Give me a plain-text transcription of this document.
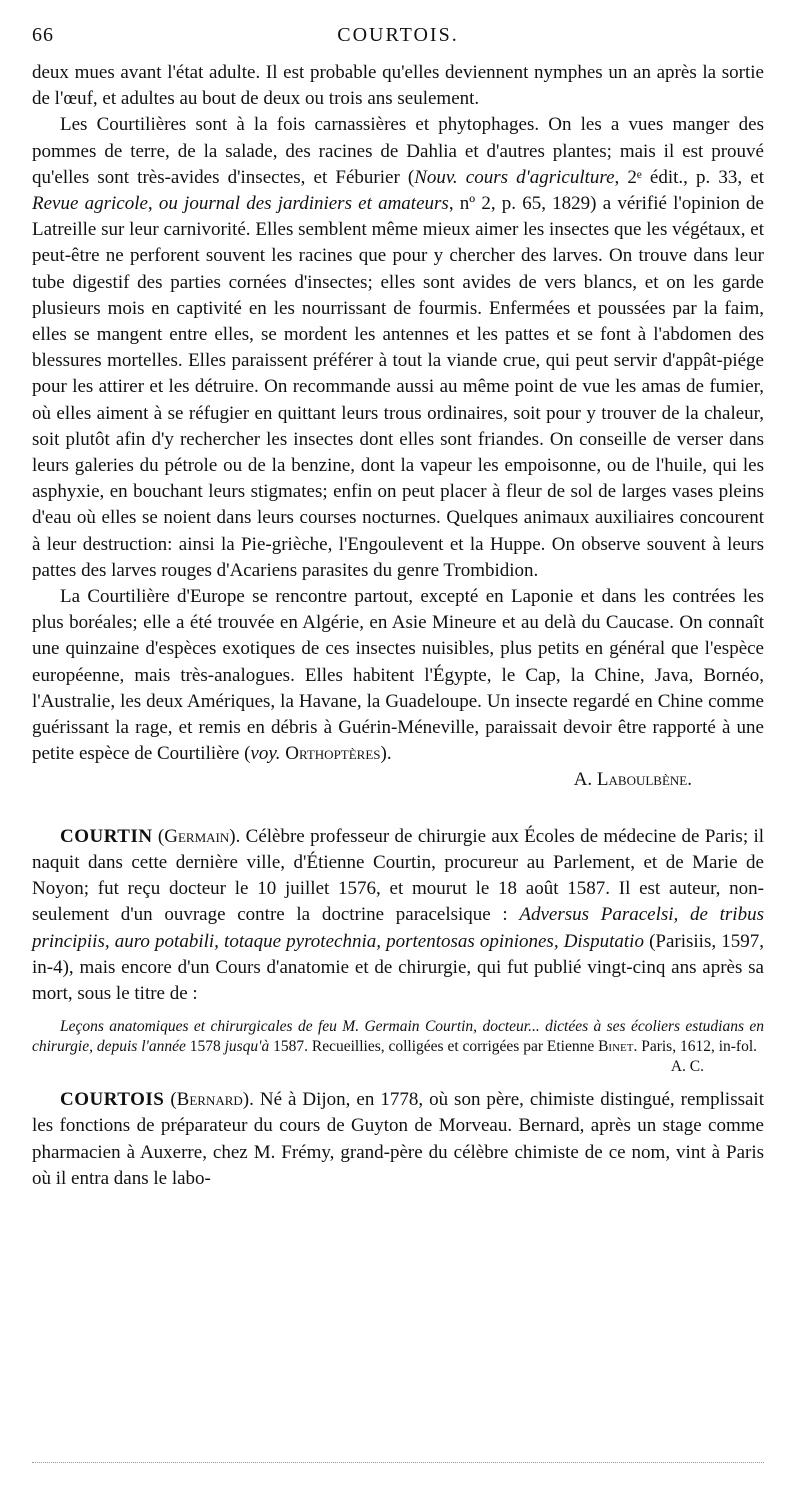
66	COURTOIS.

deux mues avant l'état adulte. Il est probable qu'elles deviennent nymphes un an après la sortie de l'œuf, et adultes au bout de deux ou trois ans seulement.

Les Courtilières sont à la fois carnassières et phytophages. On les a vues manger des pommes de terre, de la salade, des racines de Dahlia et d'autres plantes; mais il est prouvé qu'elles sont très-avides d'insectes, et Féburier (Nouv. cours d'agriculture, 2ᵉ édit., p. 33, et Revue agricole, ou journal des jardiniers et amateurs, nº 2, p. 65, 1829) a vérifié l'opinion de Latreille sur leur carnivorité. Elles semblent même mieux aimer les insectes que les végétaux, et peut-être ne perforent souvent les racines que pour y chercher des larves. On trouve dans leur tube digestif des parties cornées d'insectes; elles sont avides de vers blancs, et on les garde plusieurs mois en captivité en les nourrissant de fourmis. Enfermées et poussées par la faim, elles se mangent entre elles, se mordent les antennes et les pattes et se font à l'abdomen des blessures mortelles. Elles paraissent préférer à tout la viande crue, qui peut servir d'appât-piége pour les attirer et les détruire. On recommande aussi au même point de vue les amas de fumier, où elles aiment à se réfugier en quittant leurs trous ordinaires, soit pour y trouver de la chaleur, soit plutôt afin d'y rechercher les insectes dont elles sont friandes. On conseille de verser dans leurs galeries du pétrole ou de la benzine, dont la vapeur les empoisonne, ou de l'huile, qui les asphyxie, en bouchant leurs stigmates; enfin on peut placer à fleur de sol de larges vases pleins d'eau où elles se noient dans leurs courses nocturnes. Quelques animaux auxiliaires concourent à leur destruction: ainsi la Pie-grièche, l'Engoulevent et la Huppe. On observe souvent à leurs pattes des larves rouges d'Acariens parasites du genre Trombidion.

La Courtilière d'Europe se rencontre partout, excepté en Laponie et dans les contrées les plus boréales; elle a été trouvée en Algérie, en Asie Mineure et au delà du Caucase. On connaît une quinzaine d'espèces exotiques de ces insectes nuisibles, plus petits en général que l'espèce européenne, mais très-analogues. Elles habitent l'Égypte, le Cap, la Chine, Java, Bornéo, l'Australie, les deux Amériques, la Havane, la Guadeloupe. Un insecte regardé en Chine comme guérissant la rage, et remis en débris à Guérin-Méneville, paraissait devoir être rapporté à une petite espèce de Courtilière (voy. Orthoptères).

A. Laboulbène.

COURTIN (Germain). Célèbre professeur de chirurgie aux Écoles de médecine de Paris; il naquit dans cette dernière ville, d'Étienne Courtin, procureur au Parlement, et de Marie de Noyon; fut reçu docteur le 10 juillet 1576, et mourut le 18 août 1587. Il est auteur, non-seulement d'un ouvrage contre la doctrine paracelsique : Adversus Paracelsi, de tribus principiis, auro potabili, totaque pyrotechnia, portentosas opiniones, Disputatio (Parisiis, 1597, in-4), mais encore d'un Cours d'anatomie et de chirurgie, qui fut publié vingt-cinq ans après sa mort, sous le titre de :

Leçons anatomiques et chirurgicales de feu M. Germain Courtin, docteur... dictées à ses écoliers estudians en chirurgie, depuis l'année 1578 jusqu'à 1587. Recueillies, colligées et corrigées par Etienne Binet. Paris, 1612, in-fol.
A. C.

COURTOIS (Bernard). Né à Dijon, en 1778, où son père, chimiste distingué, remplissait les fonctions de préparateur du cours de Guyton de Morveau. Bernard, après un stage comme pharmacien à Auxerre, chez M. Frémy, grand-père du célèbre chimiste de ce nom, vint à Paris où il entra dans le labo-
